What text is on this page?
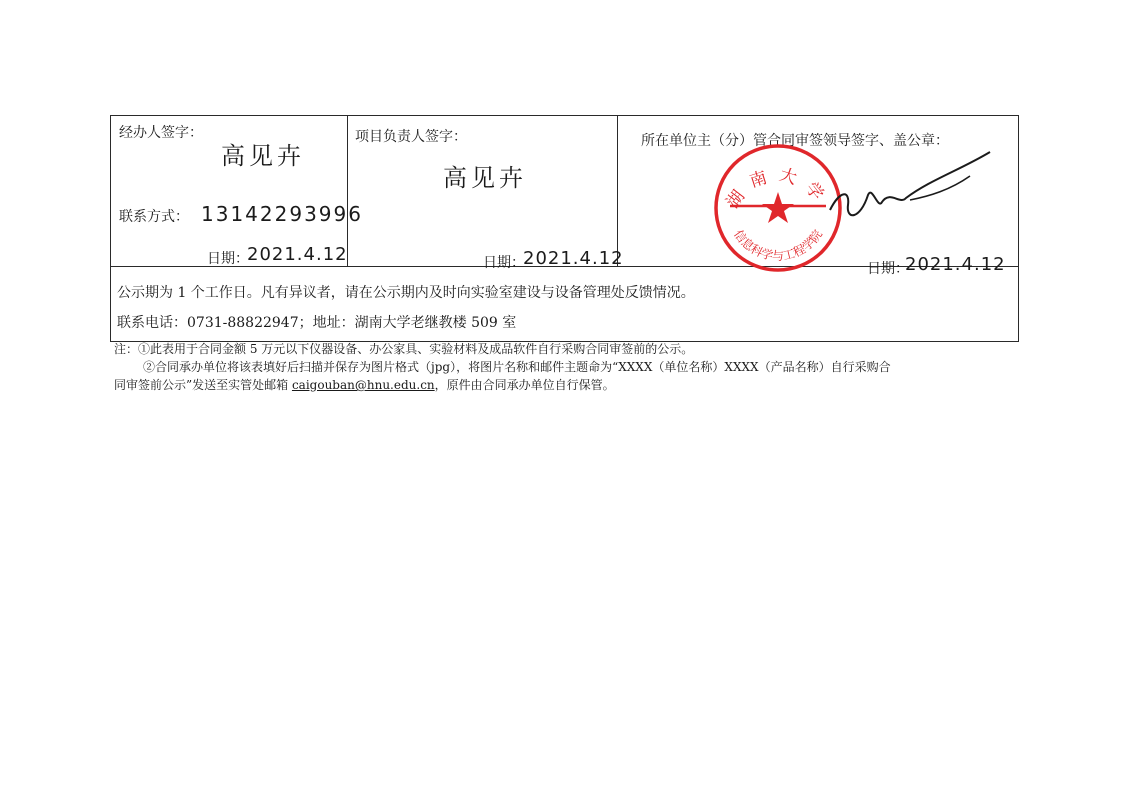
经办人签字：
高见卉
联系方式： 13142293996
日期：
2021.4.12
项目负责人签字：
高见卉
日期：
2021.4.12
所在单位主（分）管合同审签领导签字、盖公章：
日期：
2021.4.12
公示期为 1 个工作日。凡有异议者，请在公示期内及时向实验室建设与设备管理处反馈情况。
联系电话：0731-88822947；地址：湖南大学老继教楼 509 室
湖南大学
信息科学与工程学院
注：①此表用于合同金额 5 万元以下仪器设备、办公家具、实验材料及成品软件自行采购合同审签前的公示。
②合同承办单位将该表填好后扫描并保存为图片格式（jpg），将图片名称和邮件主题命为“XXXX（单位名称）XXXX（产品名称）自行采购合
同审签前公示”发送至实管处邮箱 caigouban@hnu.edu.cn，原件由合同承办单位自行保管。
